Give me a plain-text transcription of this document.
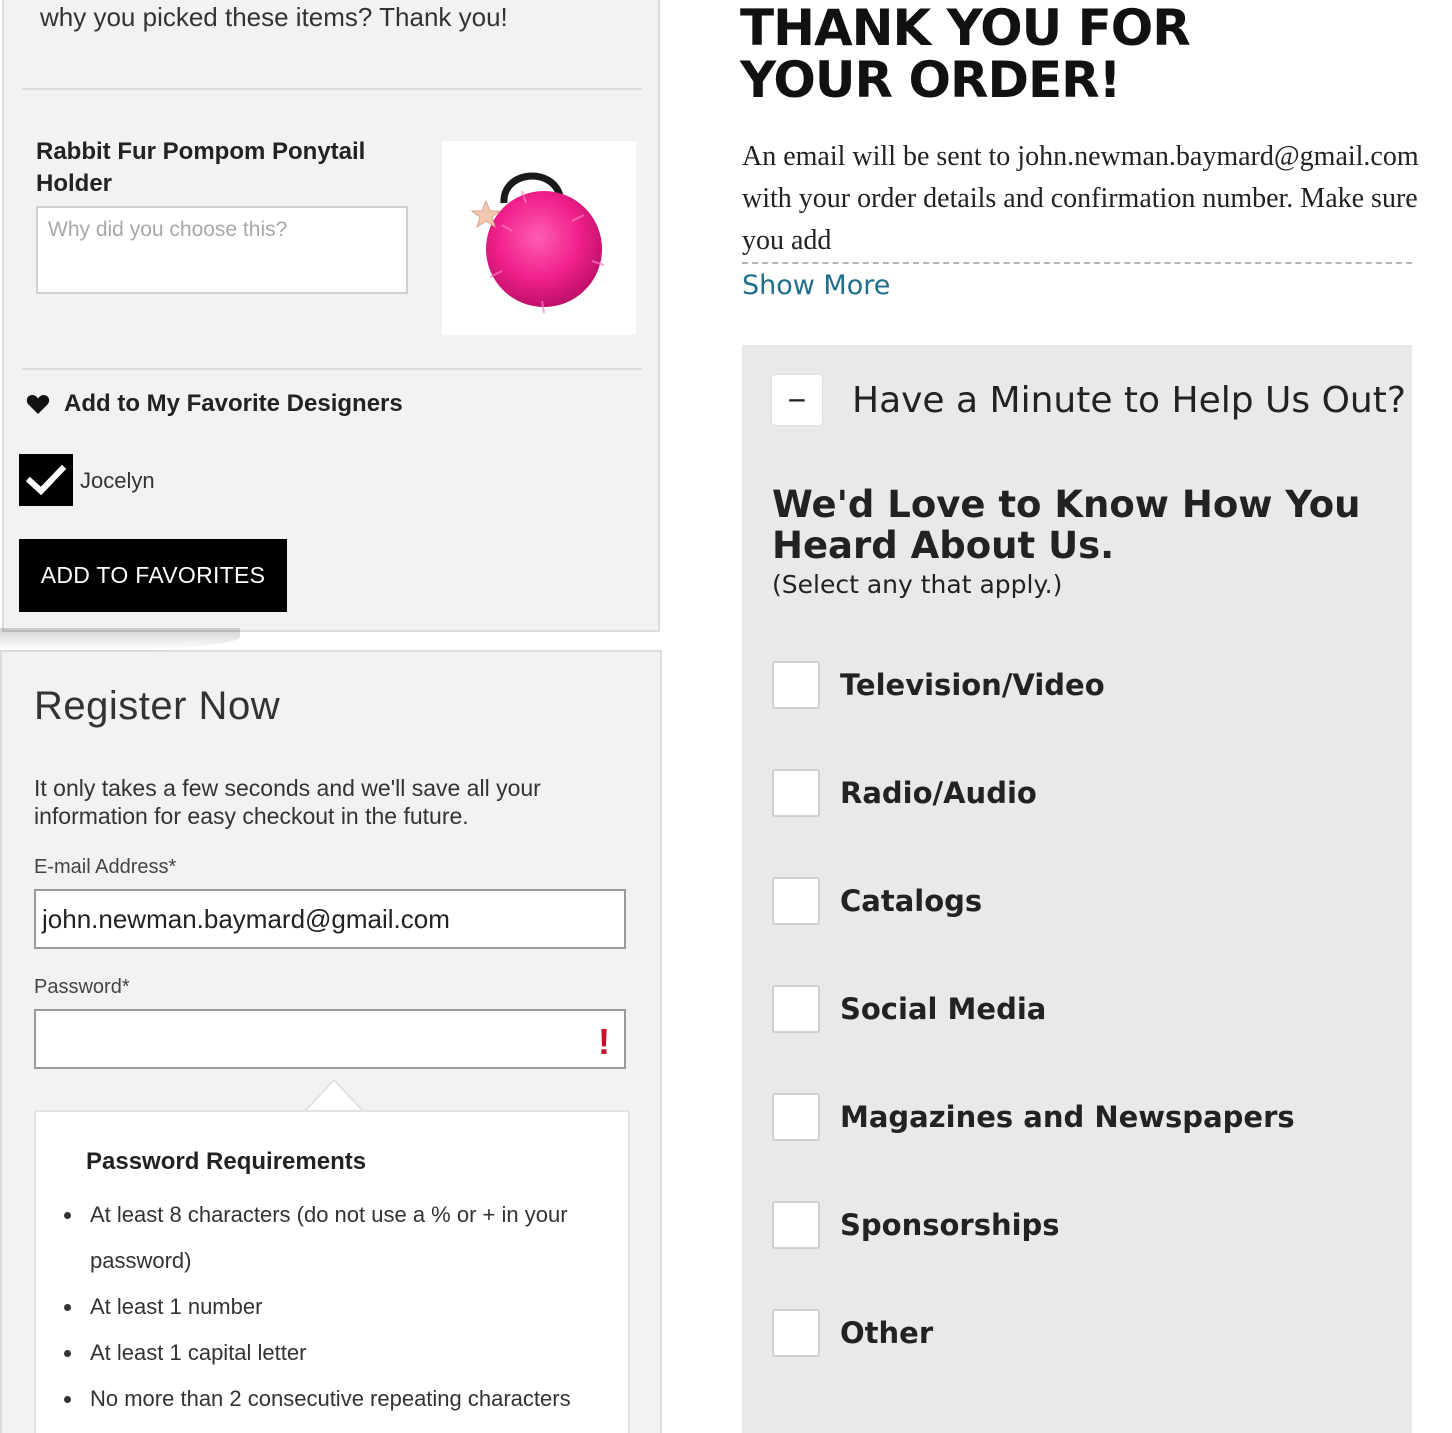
why you picked these items? Thank you!
Rabbit Fur Pompom Ponytail Holder
Why did you choose this?
Add to My Favorite Designers
Jocelyn
ADD TO FAVORITES
Register Now
It only takes a few seconds and we'll save all your information for easy checkout in the future.
E-mail Address*
john.newman.baymard@gmail.com
Password*
!
Password Requirements
At least 8 characters (do not use a % or + in your password)
At least 1 number
At least 1 capital letter
No more than 2 consecutive repeating characters
THANK YOU FOR
YOUR ORDER!
An email will be sent to john.newman.baymard@gmail.com with your order details and confirmation number. Make sure you add
Show More
−	Have a Minute to Help Us Out?
We'd Love to Know How You Heard About Us.
(Select any that apply.)
Television/Video
Radio/Audio
Catalogs
Social Media
Magazines and Newspapers
Sponsorships
Other
